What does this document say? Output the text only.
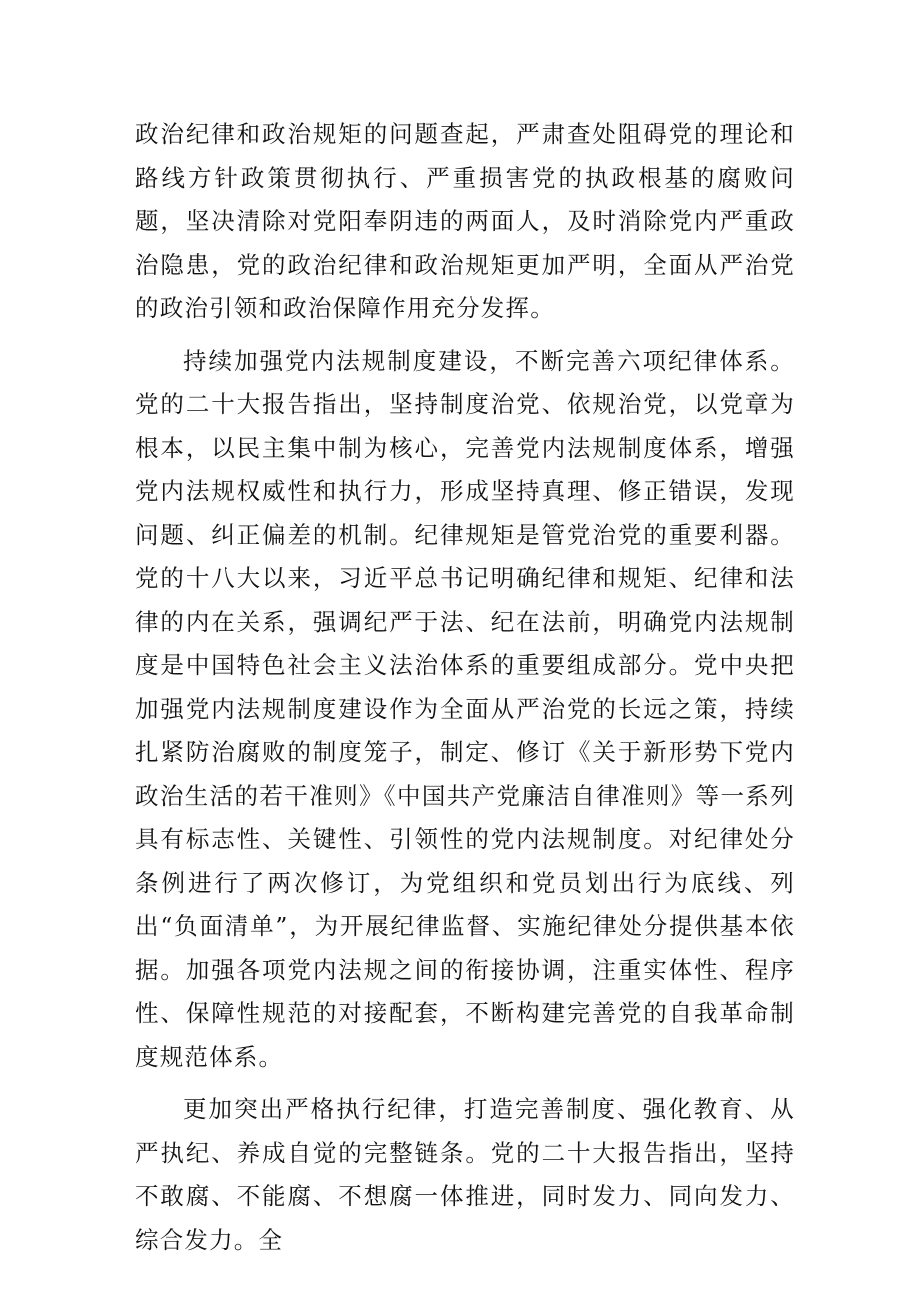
政治纪律和政治规矩的问题查起，严肃查处阻碍党的理论和路线方针政策贯彻执行、严重损害党的执政根基的腐败问题，坚决清除对党阳奉阴违的两面人，及时消除党内严重政治隐患，党的政治纪律和政治规矩更加严明，全面从严治党的政治引领和政治保障作用充分发挥。

持续加强党内法规制度建设，不断完善六项纪律体系。党的二十大报告指出，坚持制度治党、依规治党，以党章为根本，以民主集中制为核心，完善党内法规制度体系，增强党内法规权威性和执行力，形成坚持真理、修正错误，发现问题、纠正偏差的机制。纪律规矩是管党治党的重要利器。党的十八大以来，习近平总书记明确纪律和规矩、纪律和法律的内在关系，强调纪严于法、纪在法前，明确党内法规制度是中国特色社会主义法治体系的重要组成部分。党中央把加强党内法规制度建设作为全面从严治党的长远之策，持续扎紧防治腐败的制度笼子，制定、修订《关于新形势下党内政治生活的若干准则》《中国共产党廉洁自律准则》等一系列具有标志性、关键性、引领性的党内法规制度。对纪律处分条例进行了两次修订，为党组织和党员划出行为底线、列出“负面清单”，为开展纪律监督、实施纪律处分提供基本依据。加强各项党内法规之间的衔接协调，注重实体性、程序性、保障性规范的对接配套，不断构建完善党的自我革命制度规范体系。

更加突出严格执行纪律，打造完善制度、强化教育、从严执纪、养成自觉的完整链条。党的二十大报告指出，坚持不敢腐、不能腐、不想腐一体推进，同时发力、同向发力、综合发力。全
